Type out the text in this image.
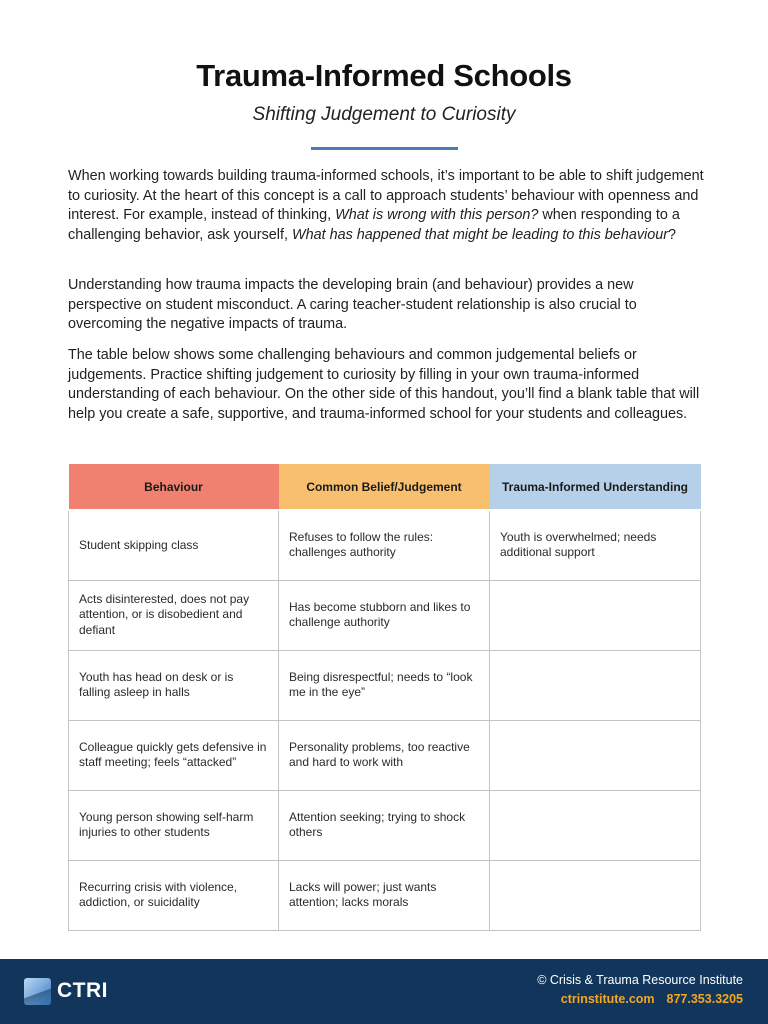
Trauma-Informed Schools
Shifting Judgement to Curiosity

When working towards building trauma-informed schools, it’s important to be able to shift judgement to curiosity. At the heart of this concept is a call to approach students’ behaviour with openness and interest. For example, instead of thinking, What is wrong with this person? when responding to a challenging behavior, ask yourself, What has happened that might be leading to this behaviour?

Understanding how trauma impacts the developing brain (and behaviour) provides a new perspective on student misconduct. A caring teacher-student relationship is also crucial to overcoming the negative impacts of trauma.

The table below shows some challenging behaviours and common judgemental beliefs or judgements. Practice shifting judgement to curiosity by filling in your own trauma-informed understanding of each behaviour. On the other side of this handout, you’ll find a blank table that will help you create a safe, supportive, and trauma-informed school for your students and colleagues.

Behaviour	Common Belief/Judgement	Trauma-Informed Understanding
Student skipping class	Refuses to follow the rules: challenges authority	Youth is overwhelmed; needs additional support
Acts disinterested, does not pay attention, or is disobedient and defiant	Has become stubborn and likes to challenge authority	
Youth has head on desk or is falling asleep in halls	Being disrespectful; needs to “look me in the eye”	
Colleague quickly gets defensive in staff meeting; feels “attacked”	Personality problems, too reactive and hard to work with	
Young person showing self-harm injuries to other students	Attention seeking; trying to shock others	
Recurring crisis with violence, addiction, or suicidality	Lacks will power; just wants attention; lacks morals	
CTRI	© Crisis & Trauma Resource Institute
ctrinstitute.com 877.353.3205
